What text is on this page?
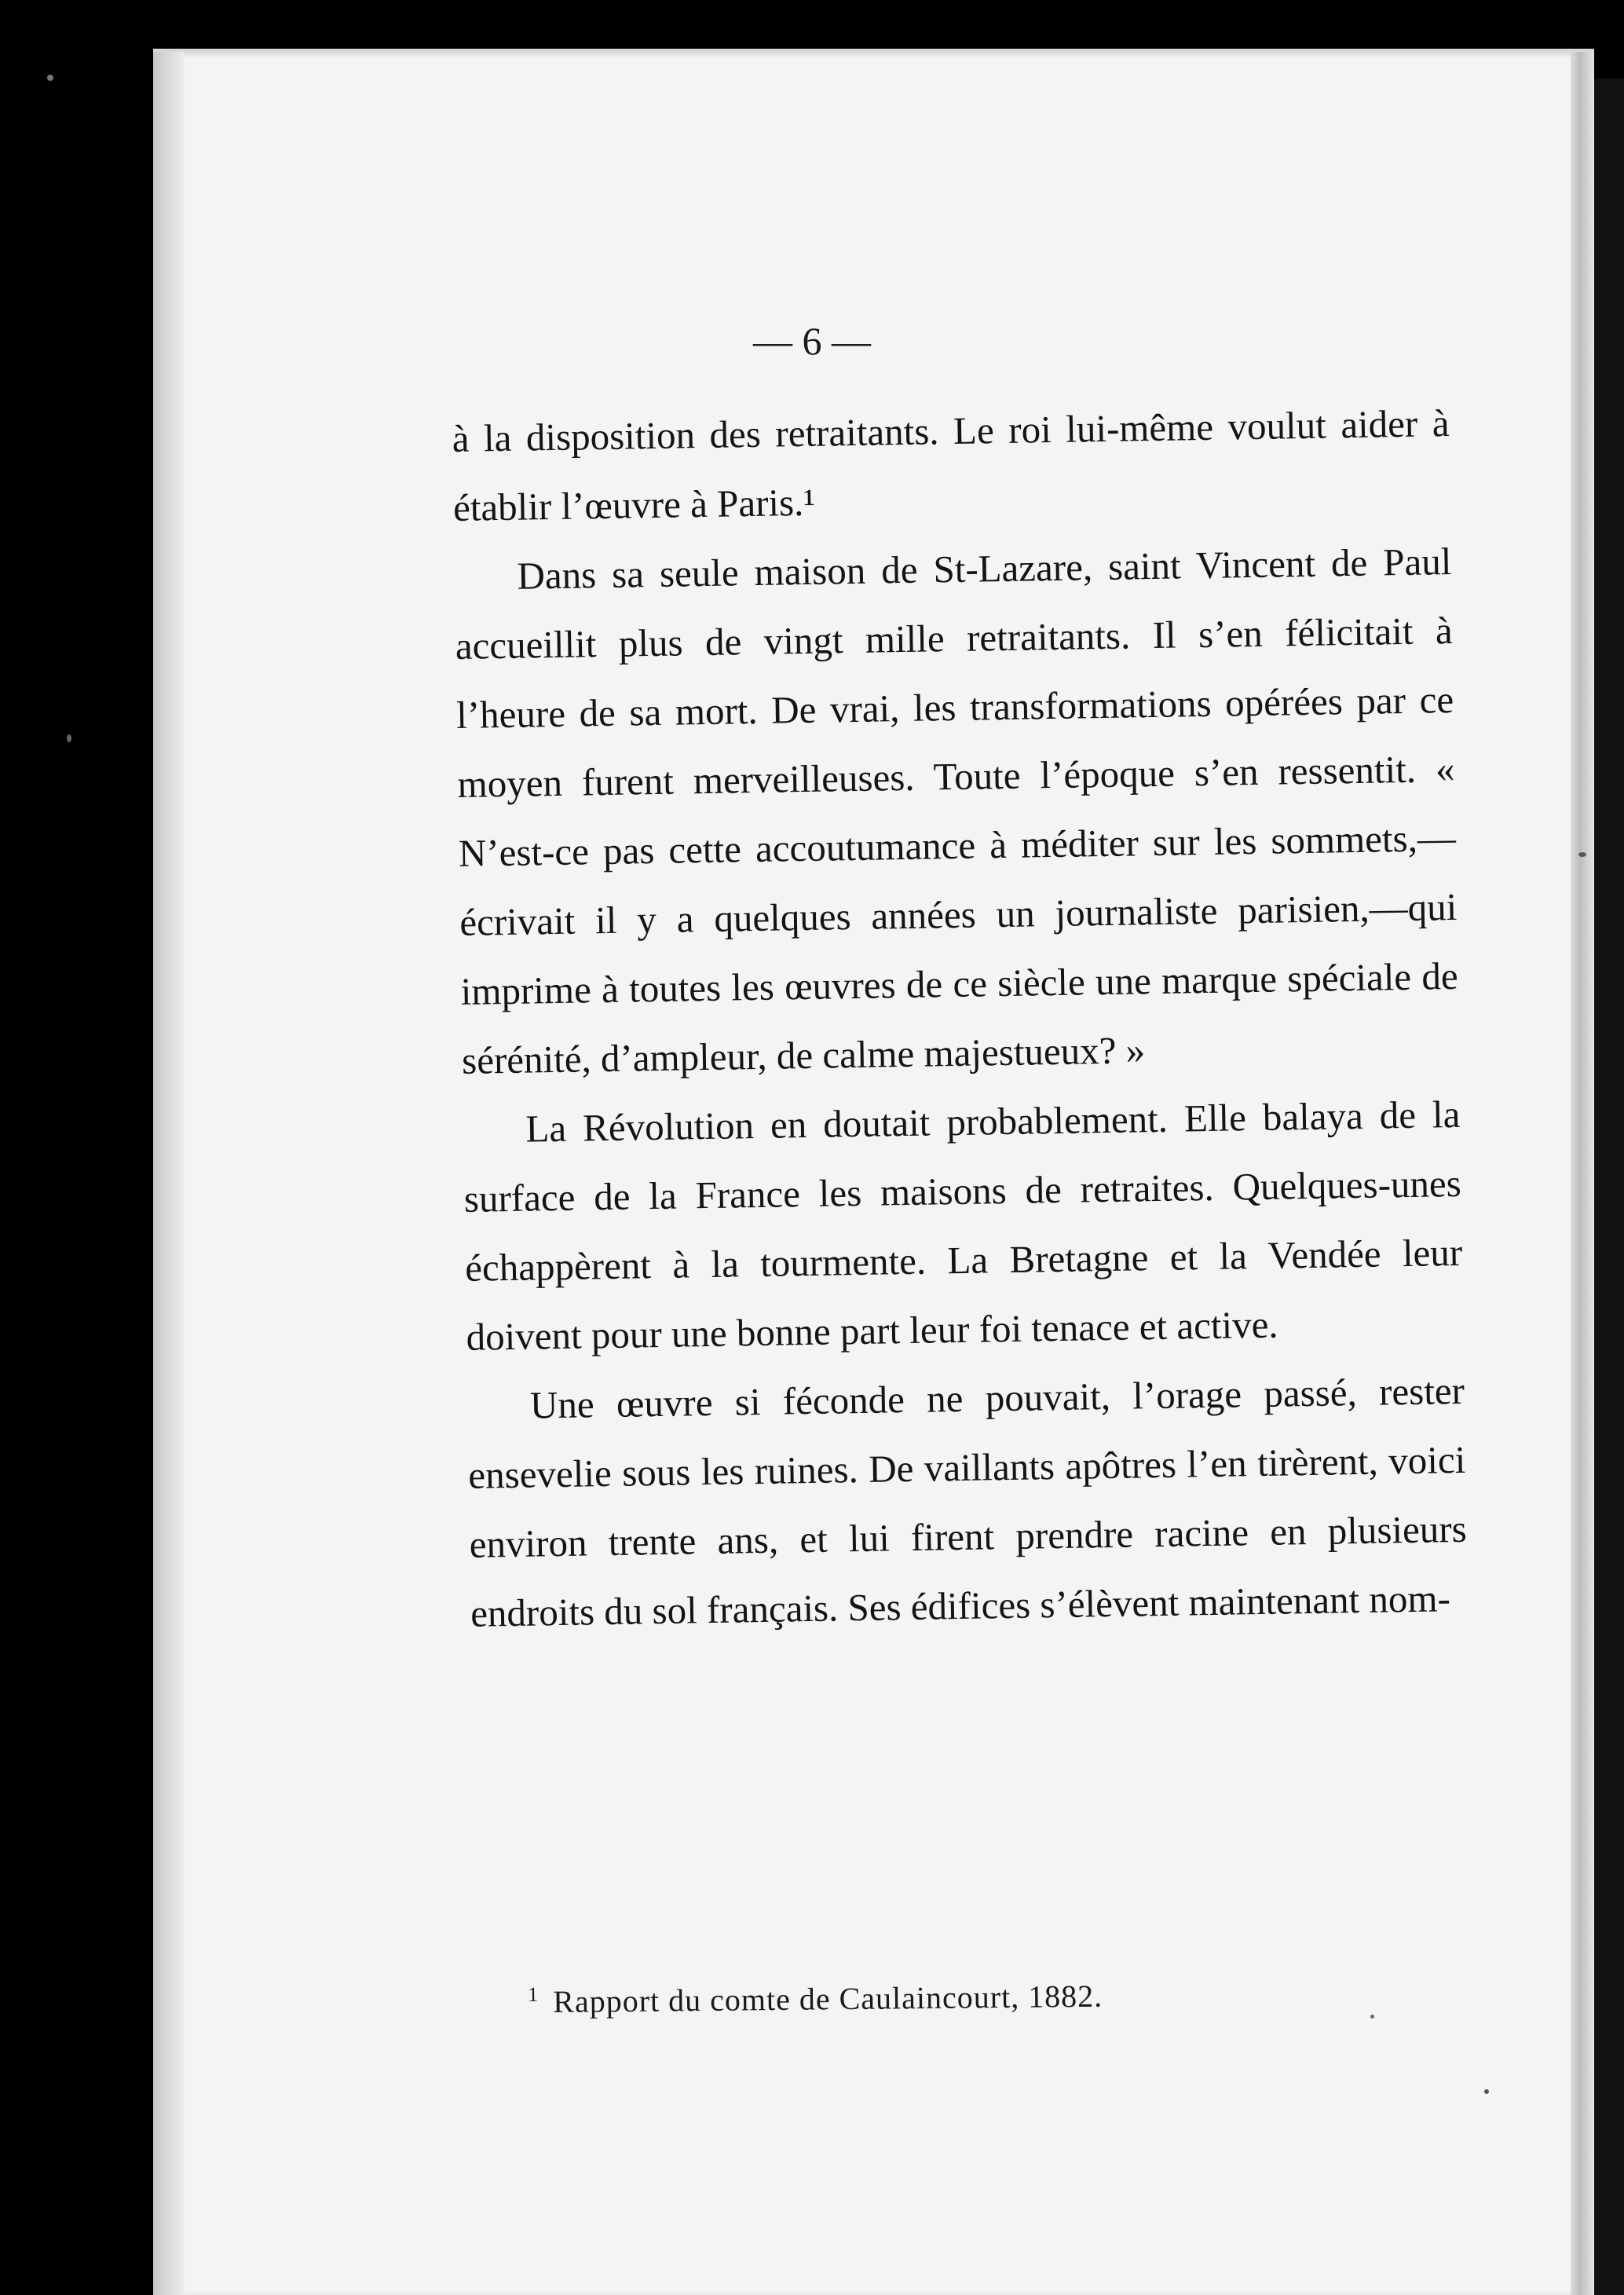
— 6 —

à la disposition des retraitants. Le roi lui-même voulut aider à établir l’œuvre à Paris.¹

Dans sa seule maison de St-Lazare, saint Vincent de Paul accueillit plus de vingt mille retraitants. Il s’en félicitait à l’heure de sa mort. De vrai, les transformations opérées par ce moyen furent merveilleuses. Toute l’époque s’en ressentit. « N’est-ce pas cette accoutumance à méditer sur les sommets,—écrivait il y a quelques années un journaliste parisien,—qui imprime à toutes les œuvres de ce siècle une marque spéciale de sérénité, d’ampleur, de calme majestueux? »

La Révolution en doutait probablement. Elle balaya de la surface de la France les maisons de retraites. Quelques-unes échappèrent à la tourmente. La Bretagne et la Vendée leur doivent pour une bonne part leur foi tenace et active.

Une œuvre si féconde ne pouvait, l’orage passé, rester ensevelie sous les ruines. De vaillants apôtres l’en tirèrent, voici environ trente ans, et lui firent prendre racine en plusieurs endroits du sol français. Ses édifices s’élèvent maintenant nom-

$^1$ Rapport du comte de Caulaincourt, 1882.
